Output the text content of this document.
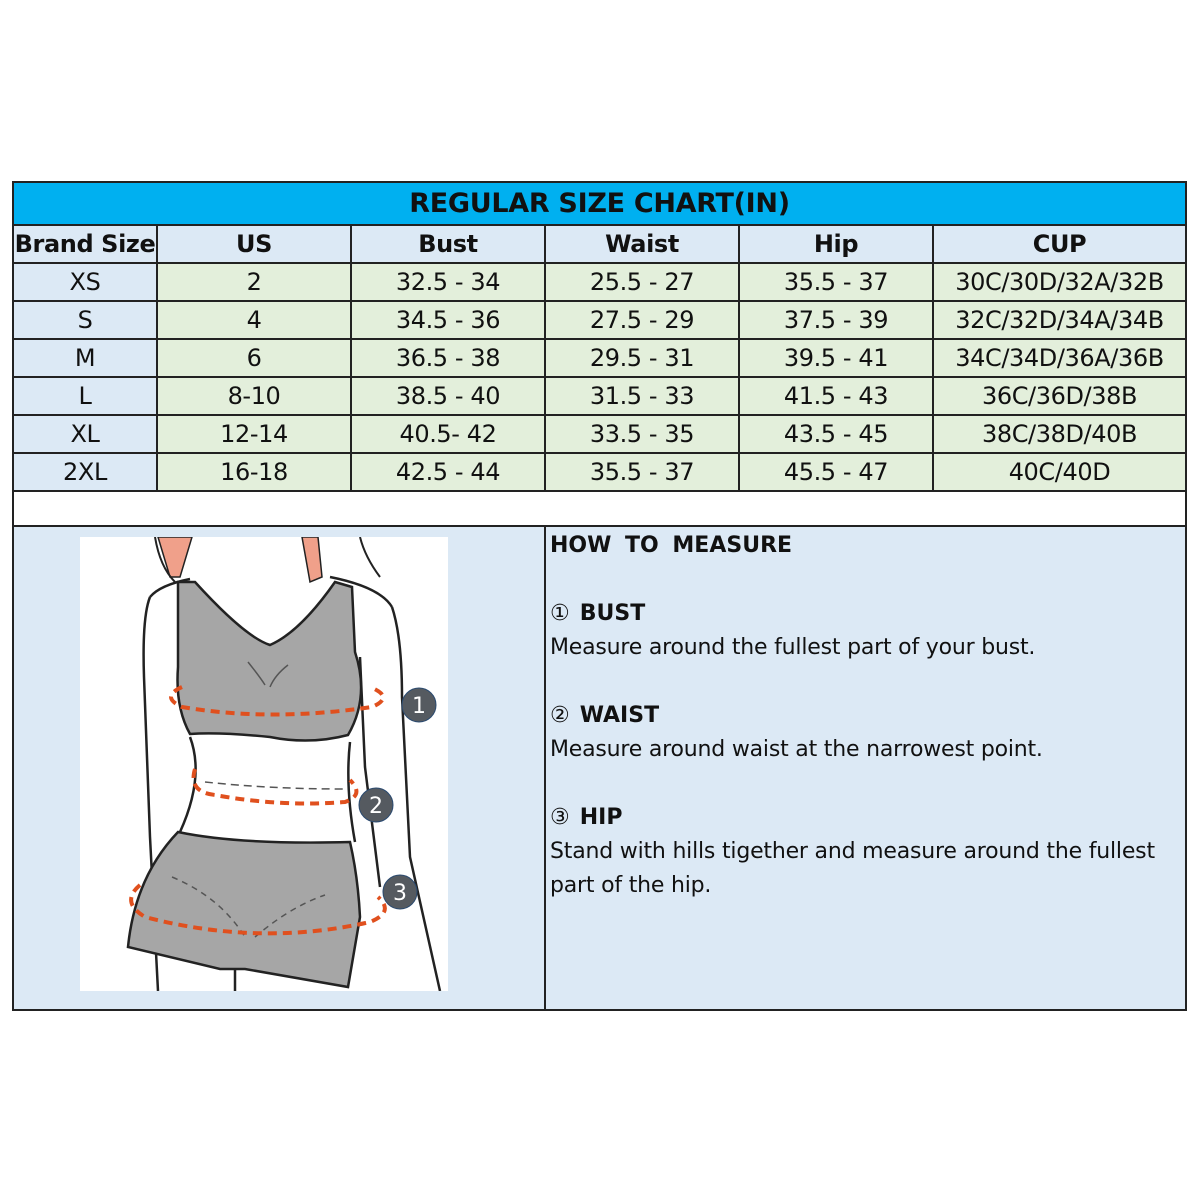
REGULAR SIZE CHART(IN)
Brand Size	US	Bust	Waist	Hip	CUP
XS	2	32.5 - 34	25.5 - 27	35.5 - 37	30C/30D/32A/32B
S	4	34.5 - 36	27.5 - 29	37.5 - 39	32C/32D/34A/34B
M	6	36.5 - 38	29.5 - 31	39.5 - 41	34C/34D/36A/36B
L	8-10	38.5 - 40	31.5 - 33	41.5 - 43	36C/36D/38B
XL	12-14	40.5- 42	33.5 - 35	43.5 - 45	38C/38D/40B
2XL	16-18	42.5 - 44	35.5 - 37	45.5 - 47	40C/40D
1
2
3
HOW TO MEASURE
① BUST
Measure around the fullest part of your bust.
② WAIST
Measure around waist at the narrowest point.
③ HIP
Stand with hills tigether and measure around the fullest part of the hip.
